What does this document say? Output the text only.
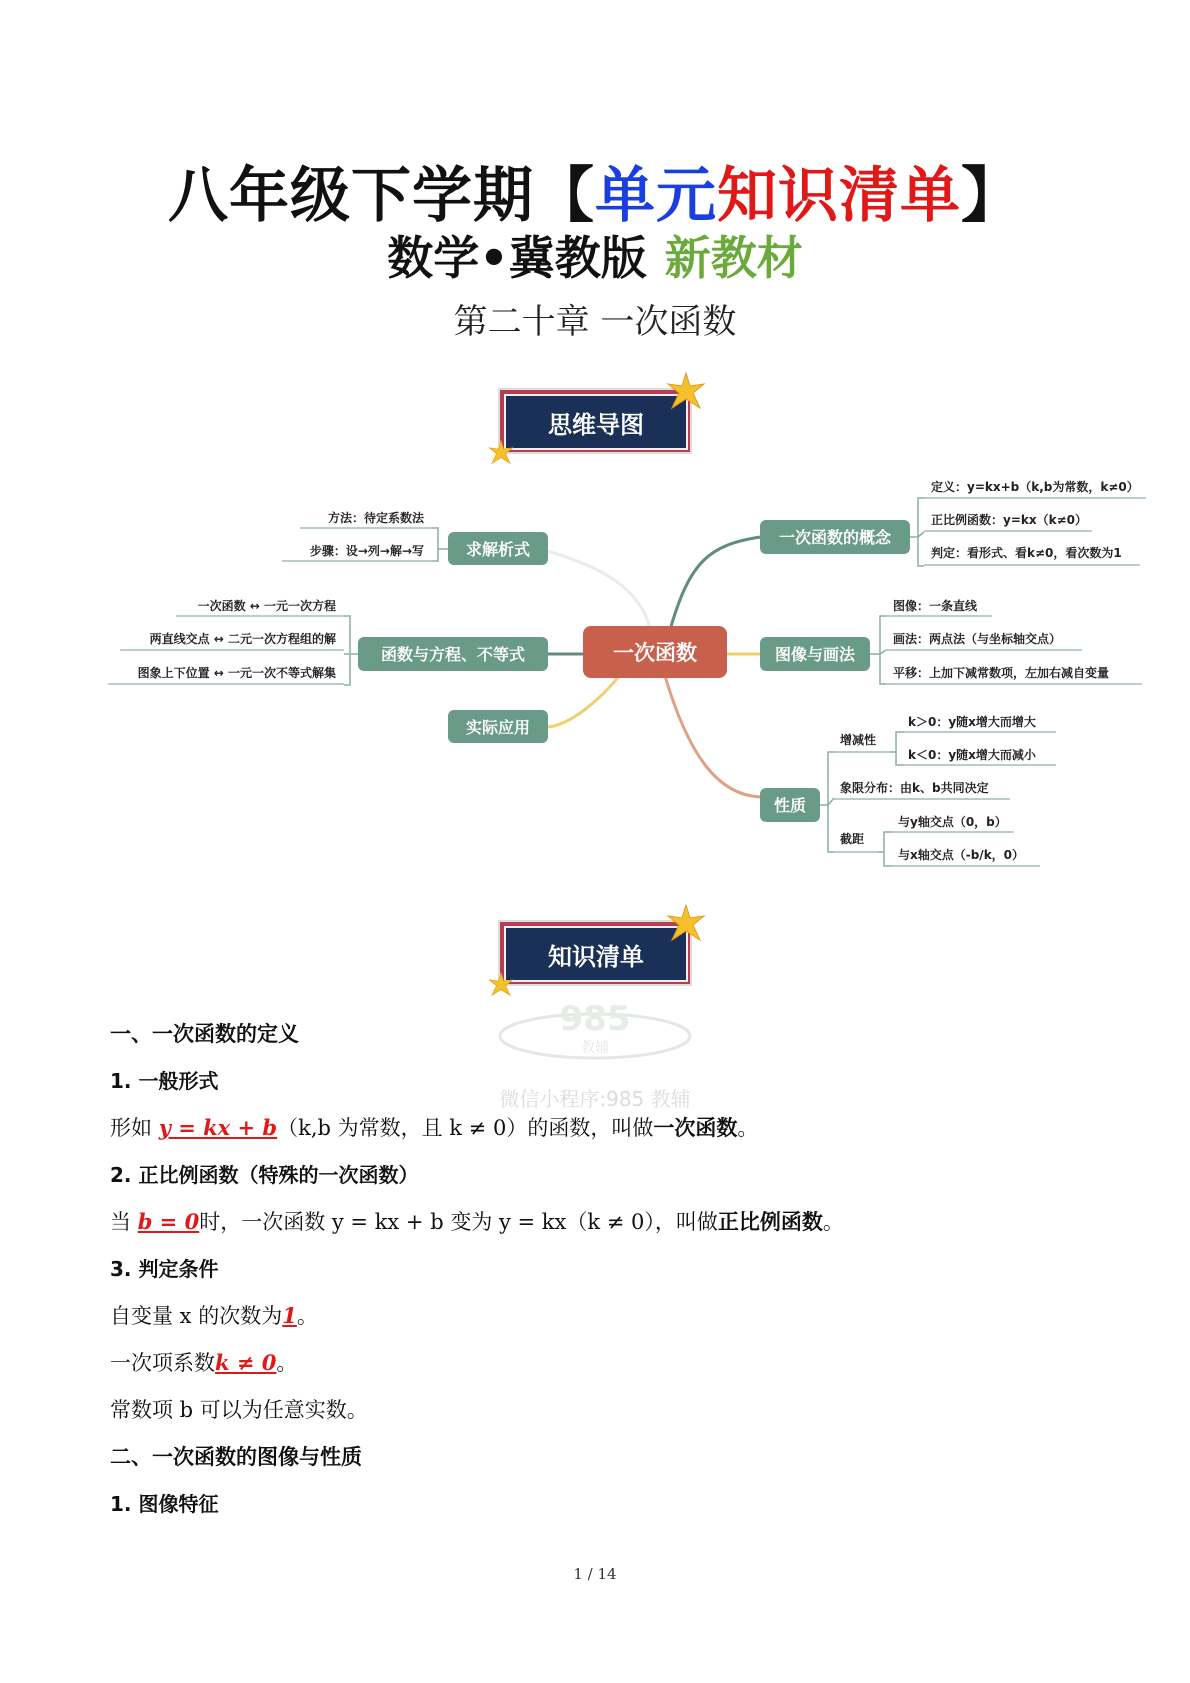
八年级下学期【单元知识清单】
数学•冀教版 新教材
第二十章 一次函数
思维导图
一次函数
求解析式
方法：待定系数法
步骤：设→列→解→写
函数与方程、不等式
一次函数 ↔ 一元一次方程
两直线交点 ↔ 二元一次方程组的解
图象上下位置 ↔ 一元一次不等式解集
实际应用
一次函数的概念
定义：y=kx+b（k,b为常数，k≠0）
正比例函数：y=kx（k≠0）
判定：看形式、看k≠0，看次数为1
图像与画法
图像：一条直线
画法：两点法（与坐标轴交点）
平移：上加下减常数项，左加右减自变量
性质
增减性
k＞0：y随x增大而增大
k＜0：y随x增大而减小
象限分布：由k、b共同决定
截距
与y轴交点（0，b）
与x轴交点（-b/k，0）
知识清单
985
教辅
微信小程序:985 教辅
一、一次函数的定义
1. 一般形式
形如 y = kx + b（k,b 为常数，且 k ≠ 0）的函数，叫做一次函数。
2. 正比例函数（特殊的一次函数）
当 b = 0时，一次函数 y = kx + b 变为 y = kx（k ≠ 0），叫做正比例函数。
3. 判定条件
自变量 x 的次数为1。
一次项系数k ≠ 0。
常数项 b 可以为任意实数。
二、一次函数的图像与性质
1. 图像特征
1 / 14
